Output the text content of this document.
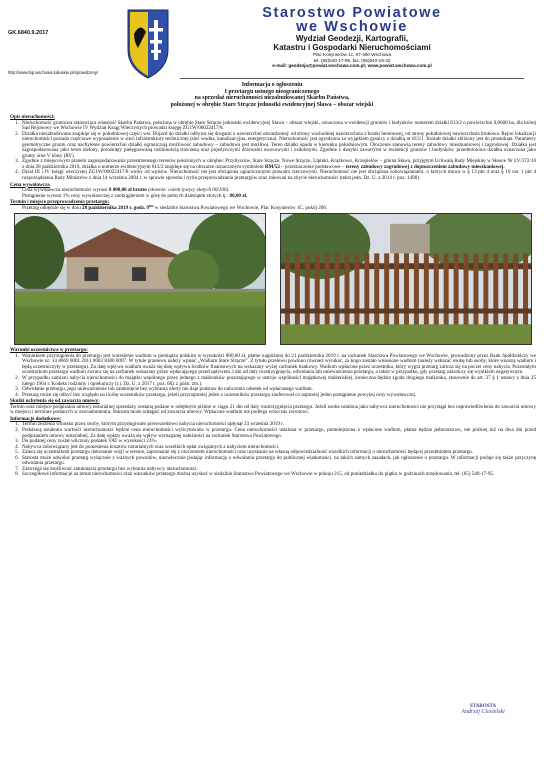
GK.6840.9.2017
http://www.bip.wschowa.lubuskie.pl/sprawdzony/
Starostwo Powiatowe
we Wschowie
Wydział Geodezji, Kartografii,
Katastru i Gospodarki Nieruchomościami
Plac Kosynierów 1c, 67-400 Wschowa
tel. (65)540-17-95, fax. (65)540-19-32
e-mail: geodezja@powiat.wschowa.com.pl; www.powiat.wschowa.com.pl
Informacja o ogłoszeniu
I przetargu ustnego nieograniczonego
na sprzedaż nieruchomości niezabudowanej Skarbu Państwa,
położonej w obrębie Stare Strącze jednostki ewidencyjnej Sława – obszar wiejski
Opis nieruchomości:
1. Nieruchomość gruntowa stanowiąca własność Skarbu Państwa, położona w obrębie Stare Strącze jednostki ewidencyjnej Sława – obszar wiejski, oznaczona w ewidencji gruntów i budynków numerem działki 813/2 o powierzchni 0,0600 ha, dla której Sąd Rejonowy we Wschowie IV Wydział Ksiąg Wieczystych prowadzi księgę ZG1W/00022417/8.
2. Działka niezabudowana znajduje się w południowej części wsi. Dojazd do działki odbywa się drogami o nawierzchni utwardzonej: od strony wschodniej nawierzchnia z kostki betonowej, od strony południowej nawierzchnia brukowa. Rejon lokalizacji nieruchomości posiada częściowe wyposażenie w sieci infrastruktury technicznej (sieć wodna, kanalizacyjna, energetyczna). Nieruchomość jest ogrodzona za wyjątkiem granicy z działką nr 813/1. Kształt działki zbliżony jest do prostokąta. Parametry geometryczne gruntu oraz nachylenie powierzchni działki ograniczają możliwość zabudowy – zabudowa jest możliwa. Teren działki opada w kierunku południowym. Otoczenie stanowią tereny zabudowy mieszkaniowej i zagrodowej. Działka jest zagospodarowana jako teren zielony, porośnięty pielęgnowaną roślinnością trawiastą oraz pojedynczymi drzewami owocowymi i ozdobnymi. Zgodnie z danymi zawartymi w ewidencji gruntów i budynków, przedmiotowa działka oznaczona jako grunty orne V klasy (RV).
3. Zgodnie z miejscowym planem zagospodarowania przestrzennego terenów położonych w obrębie: Przybyszów, Stare Strącze, Nowe Strącze, Lipinki, Krążkowo, Krzepielów – gmina Sława, przyjętym Uchwałą Rady Miejskiej w Sławie Nr LV/372/10 z dnia 28 października 2010, działka o numerze ewidencyjnym 813/2 znajduje się na obszarze oznaczonym symbolem RM/52 – przeznaczenie podstawowe – tereny zabudowy zagrodowej z dopuszczeniem zabudowy mieszkaniowej.
4. Dział III i IV księgi wieczystej ZG1W/00022417/8 wolny od wpisów. Nieruchomość nie jest obciążona ograniczonymi prawami rzeczowymi. Nieruchomość nie jest obciążona zobowiązaniami, o których mowa w § 13 pkt 4 oraz § 10 ust. 1 pkt 4 rozporządzenia Rady Ministrów z dnia 14 września 2004 r. w sprawie sposobu i trybu przeprowadzania przetargów oraz rokowań na zbycie nieruchomości (tekst jedn. Dz. U. z 2014 r. poz. 1490).
Cena wywoławcza
Cena wywoławcza nieruchomości wynosi 8 000,00 zł brutto (słownie: osiem tysięcy złotych 00/100).
Postąpienie wynosi 1% ceny wywoławczej z zaokrągleniem w górę do pełnych dziesiątek złotych tj.: 80,00 zł.
Termin i miejsce przeprowadzenia przetargu:
Przetarg odbędzie się w dniu 28 października 2019 r. godz. 9⁰⁰ w siedzibie Starostwa Powiatowego we Wschowie, Plac Kosynierów 1C, pokój 206.
Warunki uczestnictwa w przetargu:
1. Warunkiem przystąpienia do przetargu jest wniesienie wadium w pieniądzu polskim w wysokości 800,00 zł, płatne najpóźniej do 21 października 2019 r. na rachunek Starostwa Powiatowego we Wschowie, prowadzony przez Bank Spółdzielczy we Wschowie nr: 34 8669 0001 2011 0003 8380 0007. W tytule przelewu należy wpisać „Wadium Stare Strącze”. Z tytułu przelewu powinno również wynikać, za kogo zostało wniesione wadium (należy wskazać osobę lub osoby, które wnoszą wadium i będą uczestniczyły w przetargu). Za datę wpływu wadium uważa się datę wpływu środków finansowych na wskazany wyżej rachunek bankowy. Wadium wpłacone przez uczestnika, który wygra przetarg zalicza się na poczet ceny nabycia. Pozostałym uczestnikom przetargu wadium zwraca się na rachunek wskazany przez wpłacającego przed upływem 3 dni od daty rozstrzygnięcia, odwołania lub unieważnienia przetargu, a także w przypadku, gdy przetarg zakończy się wynikiem negatywnym.
2. W przypadku zamiaru nabycia nieruchomości do majątku wspólnego przez jednego z małżonków pozostającego w ustroju wspólności majątkowej małżeńskiej, konieczna będzie zgoda drugiego małżonka, stosownie do art. 37 § 1 ustawy z dnia 25 lutego 1964 r. Kodeks rodzinny i opiekuńczy (t.j. Dz. U. z 2017 r. poz. 682 z późn. zm.).
3. Odwołanie przetargu, jego unieważnienie lub zamknięcie bez wybrania oferty nie daje podstaw do naliczenia odsetek od wpłaconego wadium.
4. Przetarg może się odbyć bez względu na liczbę uczestników przetargu, jeżeli przynajmniej jeden z uczestników przetargu zaoferował co najmniej jedno postąpienie powyżej ceny wywoławczej.
Skutki uchylenia się od zawarcia umowy:
Termin oraz miejsce podpisania umowy notarialnej sprzedaży zostaną podane w odrębnym piśmie w ciągu 21 dni od daty rozstrzygnięcia przetargu. Jeżeli osoba ustalona jako nabywca nieruchomości nie przystąpi bez usprawiedliwienia do zawarcia umowy w miejscu i terminie podanych w zawiadomieniu, Starosta może odstąpić od zawarcia umowy. Wpłacone wadium nie podlega wówczas zwrotowi.
Informacje dodatkowe:
1. Termin złożenia wniosku przez osoby, którym przysługiwało pierwszeństwo nabycia nieruchomości upłynął 23 września 2019 r.
2. Podstawą ustalenia wartości nieruchomości będzie cena nieruchomości wylicytowana w przetargu. Cena nieruchomości ustalona w przetargu, pomniejszona o wpłacone wadium, płatna będzie jednorazowo, nie później niż na dwa dni przed podpisaniem umowy notarialnej. Za datę wpłaty uważa się wpływ wymaganej należności na rachunek Starostwa Powiatowego.
3. Do podanej ceny został wliczony podatek VAT w wysokości 23%.
4. Nabywca zobowiązany jest do poniesienia kosztów notarialnych oraz wszelkich opłat związanych z nabyciem nieruchomości.
5. Zaleca się uczestnikom przetargu dokonanie wizji w terenie, zapoznanie się z otoczeniem nieruchomości oraz uzyskanie na własną odpowiedzialność wszelkich informacji o nieruchomości będącej przedmiotem przetargu.
6. Starosta może odwołać przetarg wyłącznie z ważnych powodów, niezwłocznie podając informację o odwołaniu przetargu do publicznej wiadomości, na takich samych zasadach, jak ogłoszenie o przetargu. W informacji podaje się także przyczynę odwołania przetargu.
7. Zastrzega się możliwość zamknięcia przetargu bez wybrania nabywcy nieruchomości.
8. Szczegółowe informacje na temat nieruchomości oraz warunków przetargu można uzyskać w siedzibie Starostwa Powiatowego we Wschowie w pokoju 215, od poniedziałku do piątku w godzinach urzędowania, tel. (65) 540-17-95.
STAROSTA
Andrzej Ciesielski
